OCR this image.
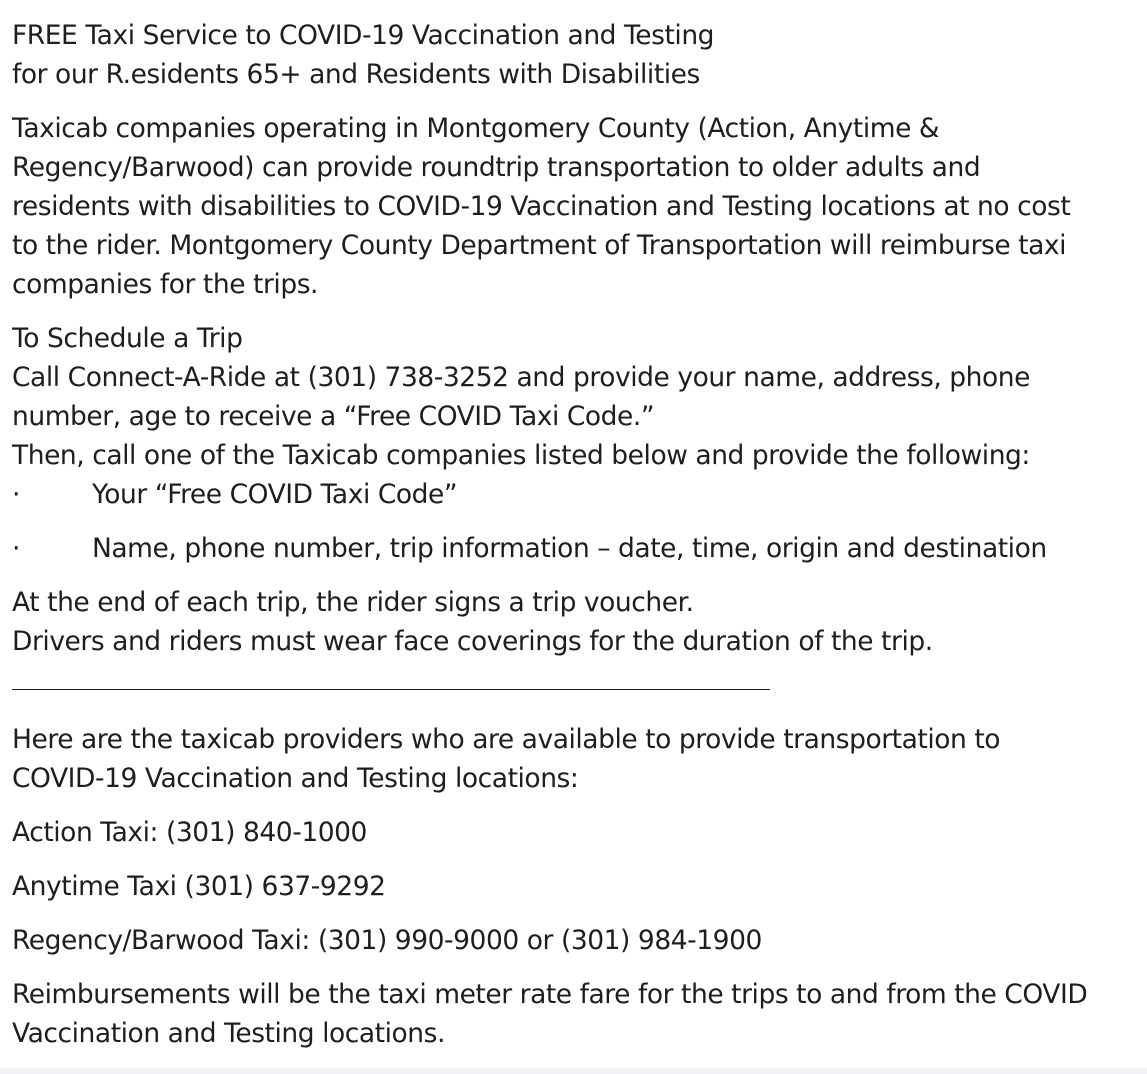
FREE Taxi Service to COVID-19 Vaccination and Testing
for our R.esidents 65+ and Residents with Disabilities

Taxicab companies operating in Montgomery County (Action, Anytime &
Regency/Barwood) can provide roundtrip transportation to older adults and
residents with disabilities to COVID-19 Vaccination and Testing locations at no cost
to the rider. Montgomery County Department of Transportation will reimburse taxi
companies for the trips.

To Schedule a Trip
Call Connect-A-Ride at (301) 738-3252 and provide your name, address, phone
number, age to receive a “Free COVID Taxi Code.”
Then, call one of the Taxicab companies listed below and provide the following:
·	Your “Free COVID Taxi Code”
·	Name, phone number, trip information – date, time, origin and destination

At the end of each trip, the rider signs a trip voucher.
Drivers and riders must wear face coverings for the duration of the trip.

Here are the taxicab providers who are available to provide transportation to
COVID-19 Vaccination and Testing locations:

Action Taxi: (301) 840-1000

Anytime Taxi (301) 637-9292

Regency/Barwood Taxi: (301) 990-9000 or (301) 984-1900

Reimbursements will be the taxi meter rate fare for the trips to and from the COVID
Vaccination and Testing locations.
